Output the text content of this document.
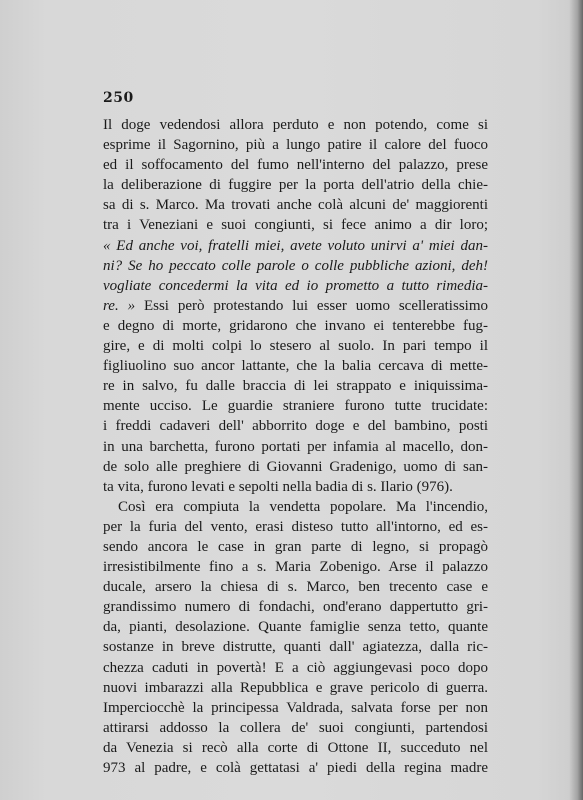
250
Il doge vedendosi allora perduto e non potendo, come si
esprime il Sagornino, più a lungo patire il calore del fuoco
ed il soffocamento del fumo nell'interno del palazzo, prese
la deliberazione di fuggire per la porta dell'atrio della chie-
sa di s. Marco. Ma trovati anche colà alcuni de' maggiorenti
tra i Veneziani e suoi congiunti, si fece animo a dir loro;
« Ed anche voi, fratelli miei, avete voluto unirvi a' miei dan-
ni? Se ho peccato colle parole o colle pubbliche azioni, deh!
vogliate concedermi la vita ed io prometto a tutto rimedia-
re. » Essi però protestando lui esser uomo scelleratissimo
e degno di morte, gridarono che invano ei tenterebbe fug-
gire, e di molti colpi lo stesero al suolo. In pari tempo il
figliuolino suo ancor lattante, che la balia cercava di mette-
re in salvo, fu dalle braccia di lei strappato e iniquissima-
mente ucciso. Le guardie straniere furono tutte trucidate:
i freddi cadaveri dell' abborrito doge e del bambino, posti
in una barchetta, furono portati per infamia al macello, don-
de solo alle preghiere di Giovanni Gradenigo, uomo di san-
ta vita, furono levati e sepolti nella badia di s. Ilario (976).
Così era compiuta la vendetta popolare. Ma l'incendio,
per la furia del vento, erasi disteso tutto all'intorno, ed es-
sendo ancora le case in gran parte di legno, si propagò
irresistibilmente fino a s. Maria Zobenigo. Arse il palazzo
ducale, arsero la chiesa di s. Marco, ben trecento case e
grandissimo numero di fondachi, ond'erano dappertutto gri-
da, pianti, desolazione. Quante famiglie senza tetto, quante
sostanze in breve distrutte, quanti dall' agiatezza, dalla ric-
chezza caduti in povertà! E a ciò aggiungevasi poco dopo
nuovi imbarazzi alla Repubblica e grave pericolo di guerra.
Imperciocchè la principessa Valdrada, salvata forse per non
attirarsi addosso la collera de' suoi congiunti, partendosi
da Venezia si recò alla corte di Ottone II, succeduto nel
973 al padre, e colà gettatasi a' piedi della regina madre
